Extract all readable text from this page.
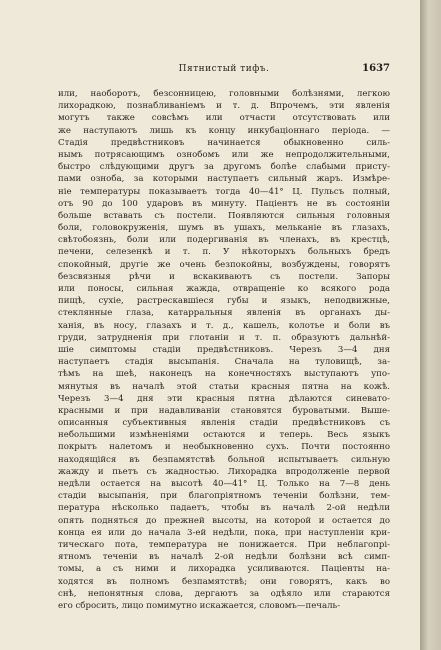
Пятнистый тифъ.	1637
или, наоборотъ, безсонницею, головными болѣзнями, легкою
лихорадкою, познабливаніемъ и т. д. Впрочемъ, эти явленія
могутъ также совсѣмъ или отчасти отсутствовать или
же наступаютъ лишь къ концу инкубаціоннаго періода. —
Стадія предвѣстниковъ начинается обыкновенно силь-
нымъ потрясающимъ ознобомъ или же непродолжительными,
быстро слѣдующими другъ за другомъ болѣе слабыми присту-
пами озноба, за которыми наступаетъ сильный жаръ. Измѣре-
ніе температуры показываетъ тогда 40—41° Ц. Пульсъ полный,
отъ 90 до 100 ударовъ въ минуту. Паціентъ не въ состояніи
больше вставать съ постели. Появляются сильныя головныя
боли, головокруженія, шумъ въ ушахъ, мельканіе въ глазахъ,
свѣтобоязнь, боли или подергиванія въ членахъ, въ крестцѣ,
печени, селезенкѣ и т. п. У нѣкоторыхъ больныхъ бредъ
спокойный, другіе же очень безпокойны, возбуждены, говорятъ
безсвязныя рѣчи и вскакиваютъ съ постели. Запоры
или поносы, сильная жажда, отвращеніе ко всякого рода
пищѣ, сухіе, растрескавшіеся губы и языкъ, неподвижные,
стеклянные глаза, катарральныя явленія въ органахъ ды-
ханія, въ носу, глазахъ и т. д., кашель, колотье и боли въ
груди, затрудненія при глотаніи и т. п. образуютъ дальнѣй-
шіе симптомы стадіи предвѣстниковъ. Черезъ 3—4 дня
наступаетъ стадія высыпанія. Сначала на туловищѣ, за-
тѣмъ на шеѣ, наконецъ на конечностяхъ выступаютъ упо-
мянутыя въ началѣ этой статьи красныя пятна на кожѣ.
Черезъ 3—4 дня эти красныя пятна дѣлаются синевато-
красными и при надавливаніи становятся буроватыми. Выше-
описанныя субъективныя явленія стадіи предвѣстниковъ съ
небольшими измѣненіями остаются и теперь. Весь языкъ
покрытъ налетомъ и необыкновенно сухъ. Почти постоянно
находящійся въ безпамятствѣ больной испытываетъ сильную
жажду и пьетъ съ жадностью. Лихорадка впродолженіе первой
недѣли остается на высотѣ 40—41° Ц. Только на 7—8 день
стадіи высыпанія, при благопріятномъ теченіи болѣзни, тем-
пература нѣсколько падаетъ, чтобы въ началѣ 2-ой недѣли
опять подняться до прежней высоты, на которой и остается до
конца ея или до начала 3-ей недѣли, пока, при наступленіи кри-
тическаго пота, температура не понижается. При неблагопрі-
ятномъ теченіи въ началѣ 2-ой недѣли болѣзни всѣ симп-
томы, а съ ними и лихорадка усиливаются. Паціенты на-
ходятся въ полномъ безпамятствѣ; они говорятъ, какъ во
снѣ, непонятныя слова, дергаютъ за одѣяло или стараются
его сбросить, лицо помимутно искажается, словомъ—печаль-
